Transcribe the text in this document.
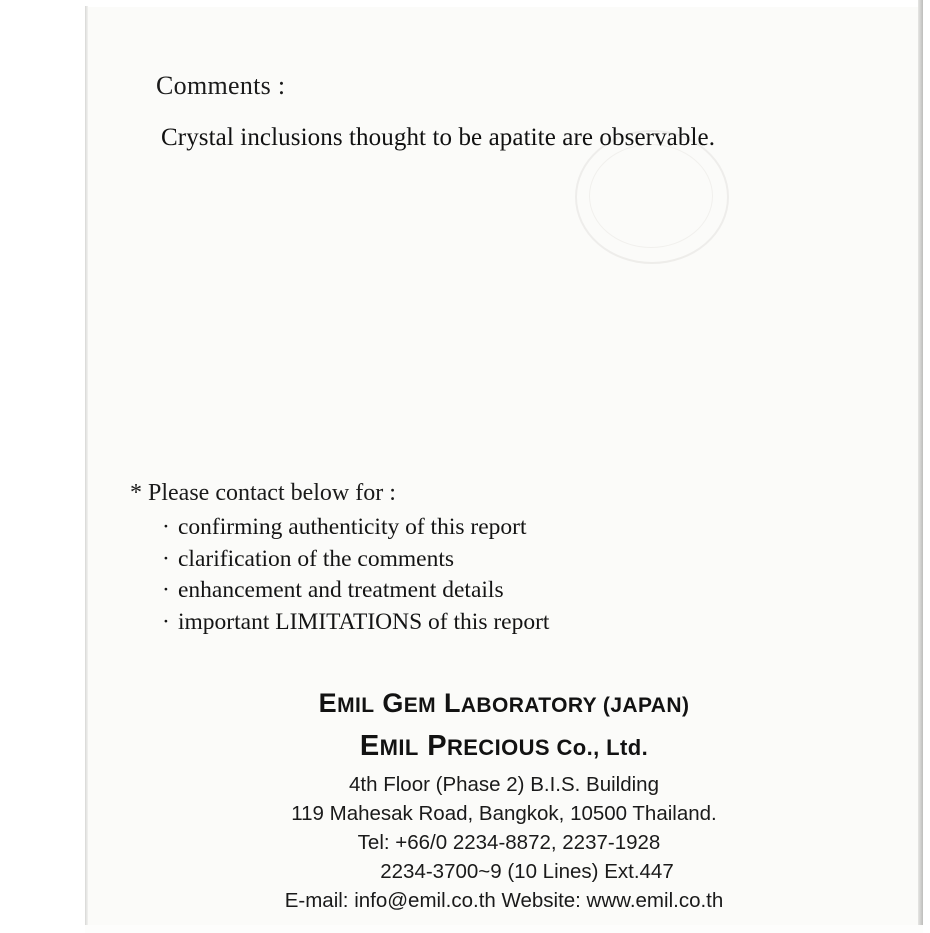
Comments :
Crystal inclusions thought to be apatite are observable.
* Please contact below for :
· confirming authenticity of this report
· clarification of the comments
· enhancement and treatment details
· important LIMITATIONS of this report
EMIL GEM LABORATORY (JAPAN)
EMIL PRECIOUS Co., Ltd.
4th Floor (Phase 2) B.I.S. Building
119 Mahesak Road, Bangkok, 10500 Thailand.
Tel: +66/0 2234-8872, 2237-1928
2234-3700~9 (10 Lines) Ext.447
E-mail: info@emil.co.th Website: www.emil.co.th
